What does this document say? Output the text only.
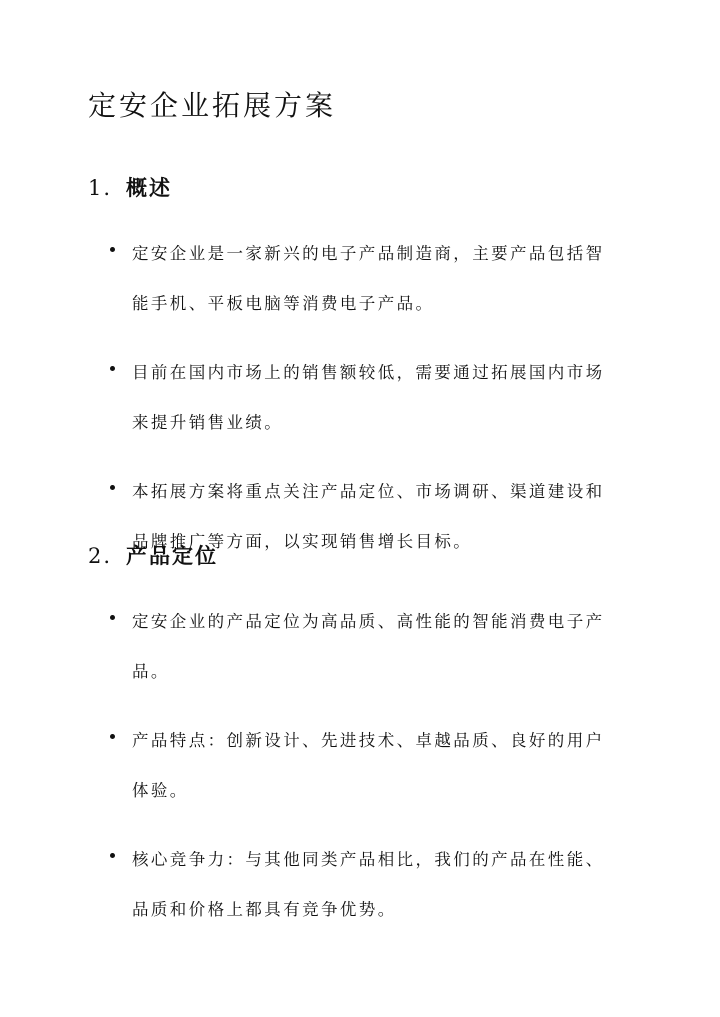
定安企业拓展方案
1. 概述
定安企业是一家新兴的电子产品制造商，主要产品包括智能手机、平板电脑等消费电子产品。
目前在国内市场上的销售额较低，需要通过拓展国内市场来提升销售业绩。
本拓展方案将重点关注产品定位、市场调研、渠道建设和品牌推广等方面，以实现销售增长目标。
2. 产品定位
定安企业的产品定位为高品质、高性能的智能消费电子产品。
产品特点：创新设计、先进技术、卓越品质、良好的用户体验。
核心竞争力：与其他同类产品相比，我们的产品在性能、品质和价格上都具有竞争优势。
